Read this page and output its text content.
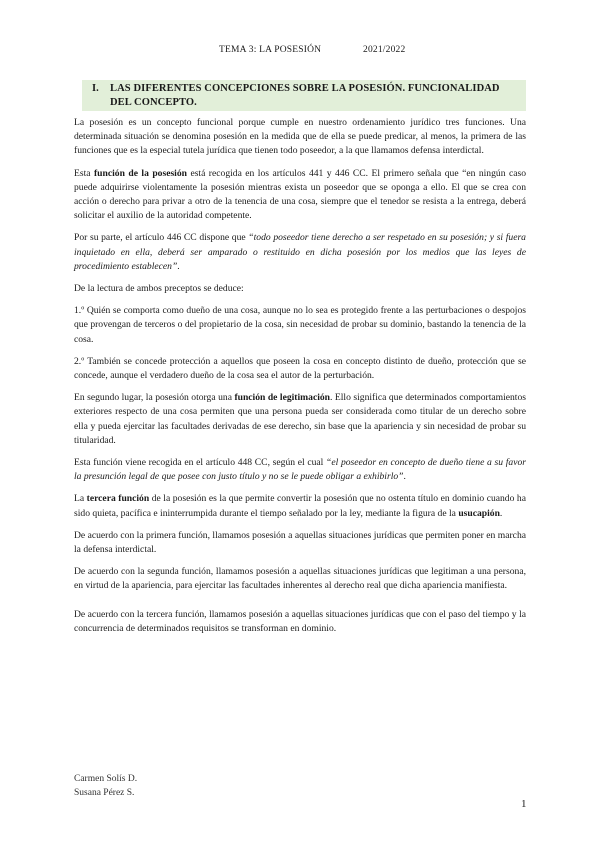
TEMA 3: LA POSESIÓN	2021/2022
I.	LAS DIFERENTES CONCEPCIONES SOBRE LA POSESIÓN. FUNCIONALIDAD DEL CONCEPTO.

La posesión es un concepto funcional porque cumple en nuestro ordenamiento jurídico tres funciones. Una determinada situación se denomina posesión en la medida que de ella se puede predicar, al menos, la primera de las funciones que es la especial tutela jurídica que tienen todo poseedor, a la que llamamos defensa interdictal.

Esta función de la posesión está recogida en los artículos 441 y 446 CC. El primero señala que “en ningún caso puede adquirirse violentamente la posesión mientras exista un poseedor que se oponga a ello. El que se crea con acción o derecho para privar a otro de la tenencia de una cosa, siempre que el tenedor se resista a la entrega, deberá solicitar el auxilio de la autoridad competente.

Por su parte, el artículo 446 CC dispone que “todo poseedor tiene derecho a ser respetado en su posesión; y si fuera inquietado en ella, deberá ser amparado o restituido en dicha posesión por los medios que las leyes de procedimiento establecen”.

De la lectura de ambos preceptos se deduce:

1.º Quién se comporta como dueño de una cosa, aunque no lo sea es protegido frente a las perturbaciones o despojos que provengan de terceros o del propietario de la cosa, sin necesidad de probar su dominio, bastando la tenencia de la cosa.

2.º También se concede protección a aquellos que poseen la cosa en concepto distinto de dueño, protección que se concede, aunque el verdadero dueño de la cosa sea el autor de la perturbación.

En segundo lugar, la posesión otorga una función de legitimación. Ello significa que determinados comportamientos exteriores respecto de una cosa permiten que una persona pueda ser considerada como titular de un derecho sobre ella y pueda ejercitar las facultades derivadas de ese derecho, sin base que la apariencia y sin necesidad de probar su titularidad.

Esta función viene recogida en el artículo 448 CC, según el cual “el poseedor en concepto de dueño tiene a su favor la presunción legal de que posee con justo título y no se le puede obligar a exhibirlo”.

La tercera función de la posesión es la que permite convertir la posesión que no ostenta título en dominio cuando ha sido quieta, pacífica e ininterrumpida durante el tiempo señalado por la ley, mediante la figura de la usucapión.

De acuerdo con la primera función, llamamos posesión a aquellas situaciones jurídicas que permiten poner en marcha la defensa interdictal.

De acuerdo con la segunda función, llamamos posesión a aquellas situaciones jurídicas que legitiman a una persona, en virtud de la apariencia, para ejercitar las facultades inherentes al derecho real que dicha apariencia manifiesta.

De acuerdo con la tercera función, llamamos posesión a aquellas situaciones jurídicas que con el paso del tiempo y la concurrencia de determinados requisitos se transforman en dominio.

Carmen Solís D.
Susana Pérez S.
1
